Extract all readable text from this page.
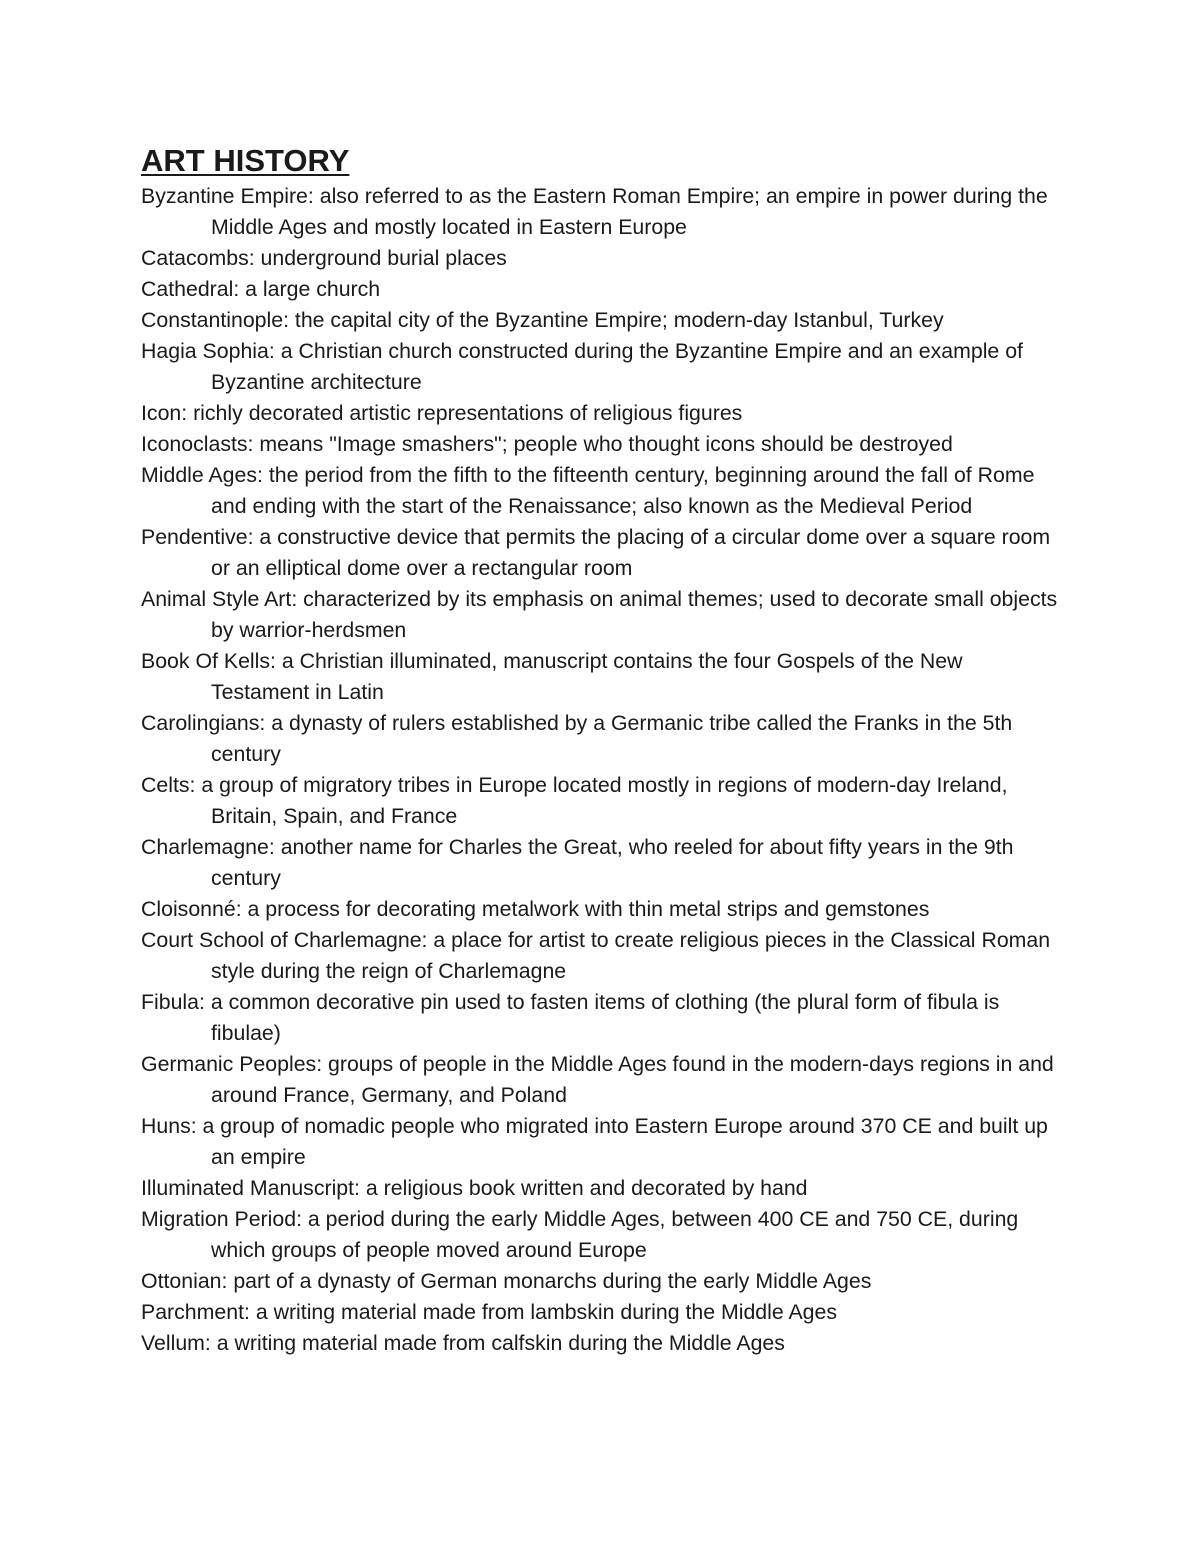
ART HISTORY
Byzantine Empire: also referred to as the Eastern Roman Empire; an empire in power during the Middle Ages and mostly located in Eastern Europe
Catacombs: underground burial places
Cathedral: a large church
Constantinople: the capital city of the Byzantine Empire; modern-day Istanbul, Turkey
Hagia Sophia: a Christian church constructed during the Byzantine Empire and an example of Byzantine architecture
Icon: richly decorated artistic representations of religious figures
Iconoclasts: means "Image smashers"; people who thought icons should be destroyed
Middle Ages: the period from the fifth to the fifteenth century, beginning around the fall of Rome and ending with the start of the Renaissance; also known as the Medieval Period
Pendentive: a constructive device that permits the placing of a circular dome over a square room or an elliptical dome over a rectangular room
Animal Style Art: characterized by its emphasis on animal themes; used to decorate small objects by warrior-herdsmen
Book Of Kells: a Christian illuminated, manuscript contains the four Gospels of the New Testament in Latin
Carolingians: a dynasty of rulers established by a Germanic tribe called the Franks in the 5th century
Celts: a group of migratory tribes in Europe located mostly in regions of modern-day Ireland, Britain, Spain, and France
Charlemagne: another name for Charles the Great, who reeled for about fifty years in the 9th century
Cloisonné: a process for decorating metalwork with thin metal strips and gemstones
Court School of Charlemagne: a place for artist to create religious pieces in the Classical Roman style during the reign of Charlemagne
Fibula: a common decorative pin used to fasten items of clothing (the plural form of fibula is fibulae)
Germanic Peoples: groups of people in the Middle Ages found in the modern-days regions in and around France, Germany, and Poland
Huns: a group of nomadic people who migrated into Eastern Europe around 370 CE and built up an empire
Illuminated Manuscript: a religious book written and decorated by hand
Migration Period: a period during the early Middle Ages, between 400 CE and 750 CE, during which groups of people moved around Europe
Ottonian: part of a dynasty of German monarchs during the early Middle Ages
Parchment: a writing material made from lambskin during the Middle Ages
Vellum: a writing material made from calfskin during the Middle Ages
